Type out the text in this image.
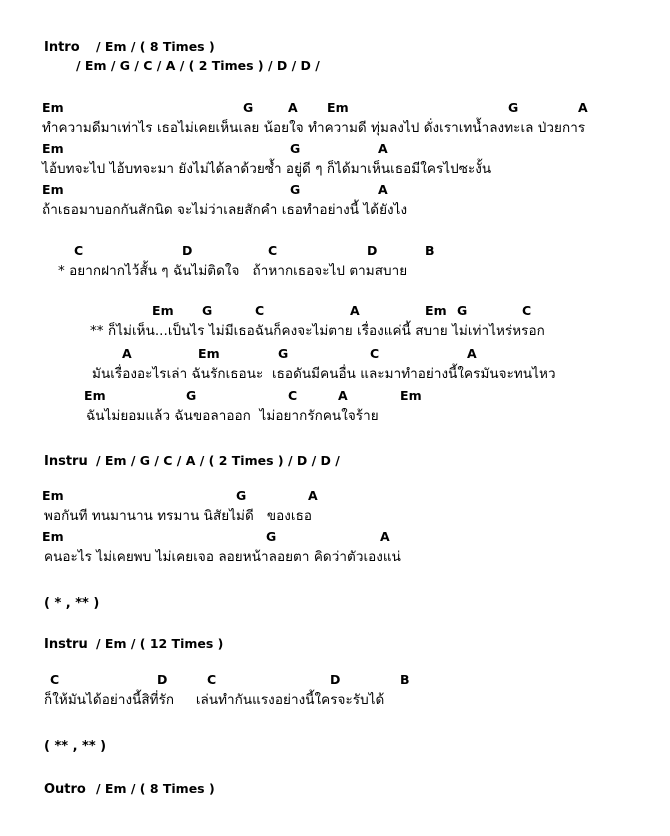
Intro / Em / ( 8 Times )
/ Em / G / C / A / ( 2 Times ) / D / D /
Em	G	A Em	G	A
ทำความดีมาเท่าไร เธอไม่เคยเห็นเลย น้อยใจ ทำความดี ทุ่มลงไป ดั่งเราเทน้ำลงทะเล ป่วยการ
Em	G	A
ไอ้บทจะไป ไอ้บทจะมา ยังไม่ได้ลาด้วยซ้ำ อยู่ดี ๆ ก็ได้มาเห็นเธอมีใครไปซะงั้น
Em	G	A
ถ้าเธอมาบอกกันสักนิด จะไม่ว่าเลยสักคำ เธอทำอย่างนี้ ได้ยังไง
C	D	C	D	B
* อยากฝากไว้สั้น ๆ ฉันไม่ติดใจ   ถ้าหากเธอจะไป ตามสบาย
Em G	C	A	Em G	C
** ก็ไม่เห็น...เป็นไร ไม่มีเธอฉันก็คงจะไม่ตาย เรื่องแค่นี้ สบาย ไม่เท่าไหร่หรอก
A	Em	G	C	A
มันเรื่องอะไรเล่า ฉันรักเธอนะ  เธอดันมีคนอื่น และมาทำอย่างนี้ใครมันจะทนไหว
Em	G	C	A	Em
ฉันไม่ยอมแล้ว ฉันขอลาออก  ไม่อยากรักคนใจร้าย
Instru / Em / G / C / A / ( 2 Times ) / D / D /
Em	G	A
พอกันที ทนมานาน ทรมาน นิสัยไม่ดี   ของเธอ
Em	G	A
คนอะไร ไม่เคยพบ ไม่เคยเจอ ลอยหน้าลอยตา คิดว่าตัวเองแน่
( * , ** )
Instru / Em / ( 12 Times )
C	D	C	D	B
ก็ให้มันได้อย่างนี้สิที่รัก     เล่นทำกันแรงอย่างนี้ใครจะรับได้
( ** , ** )
Outro / Em / ( 8 Times )
